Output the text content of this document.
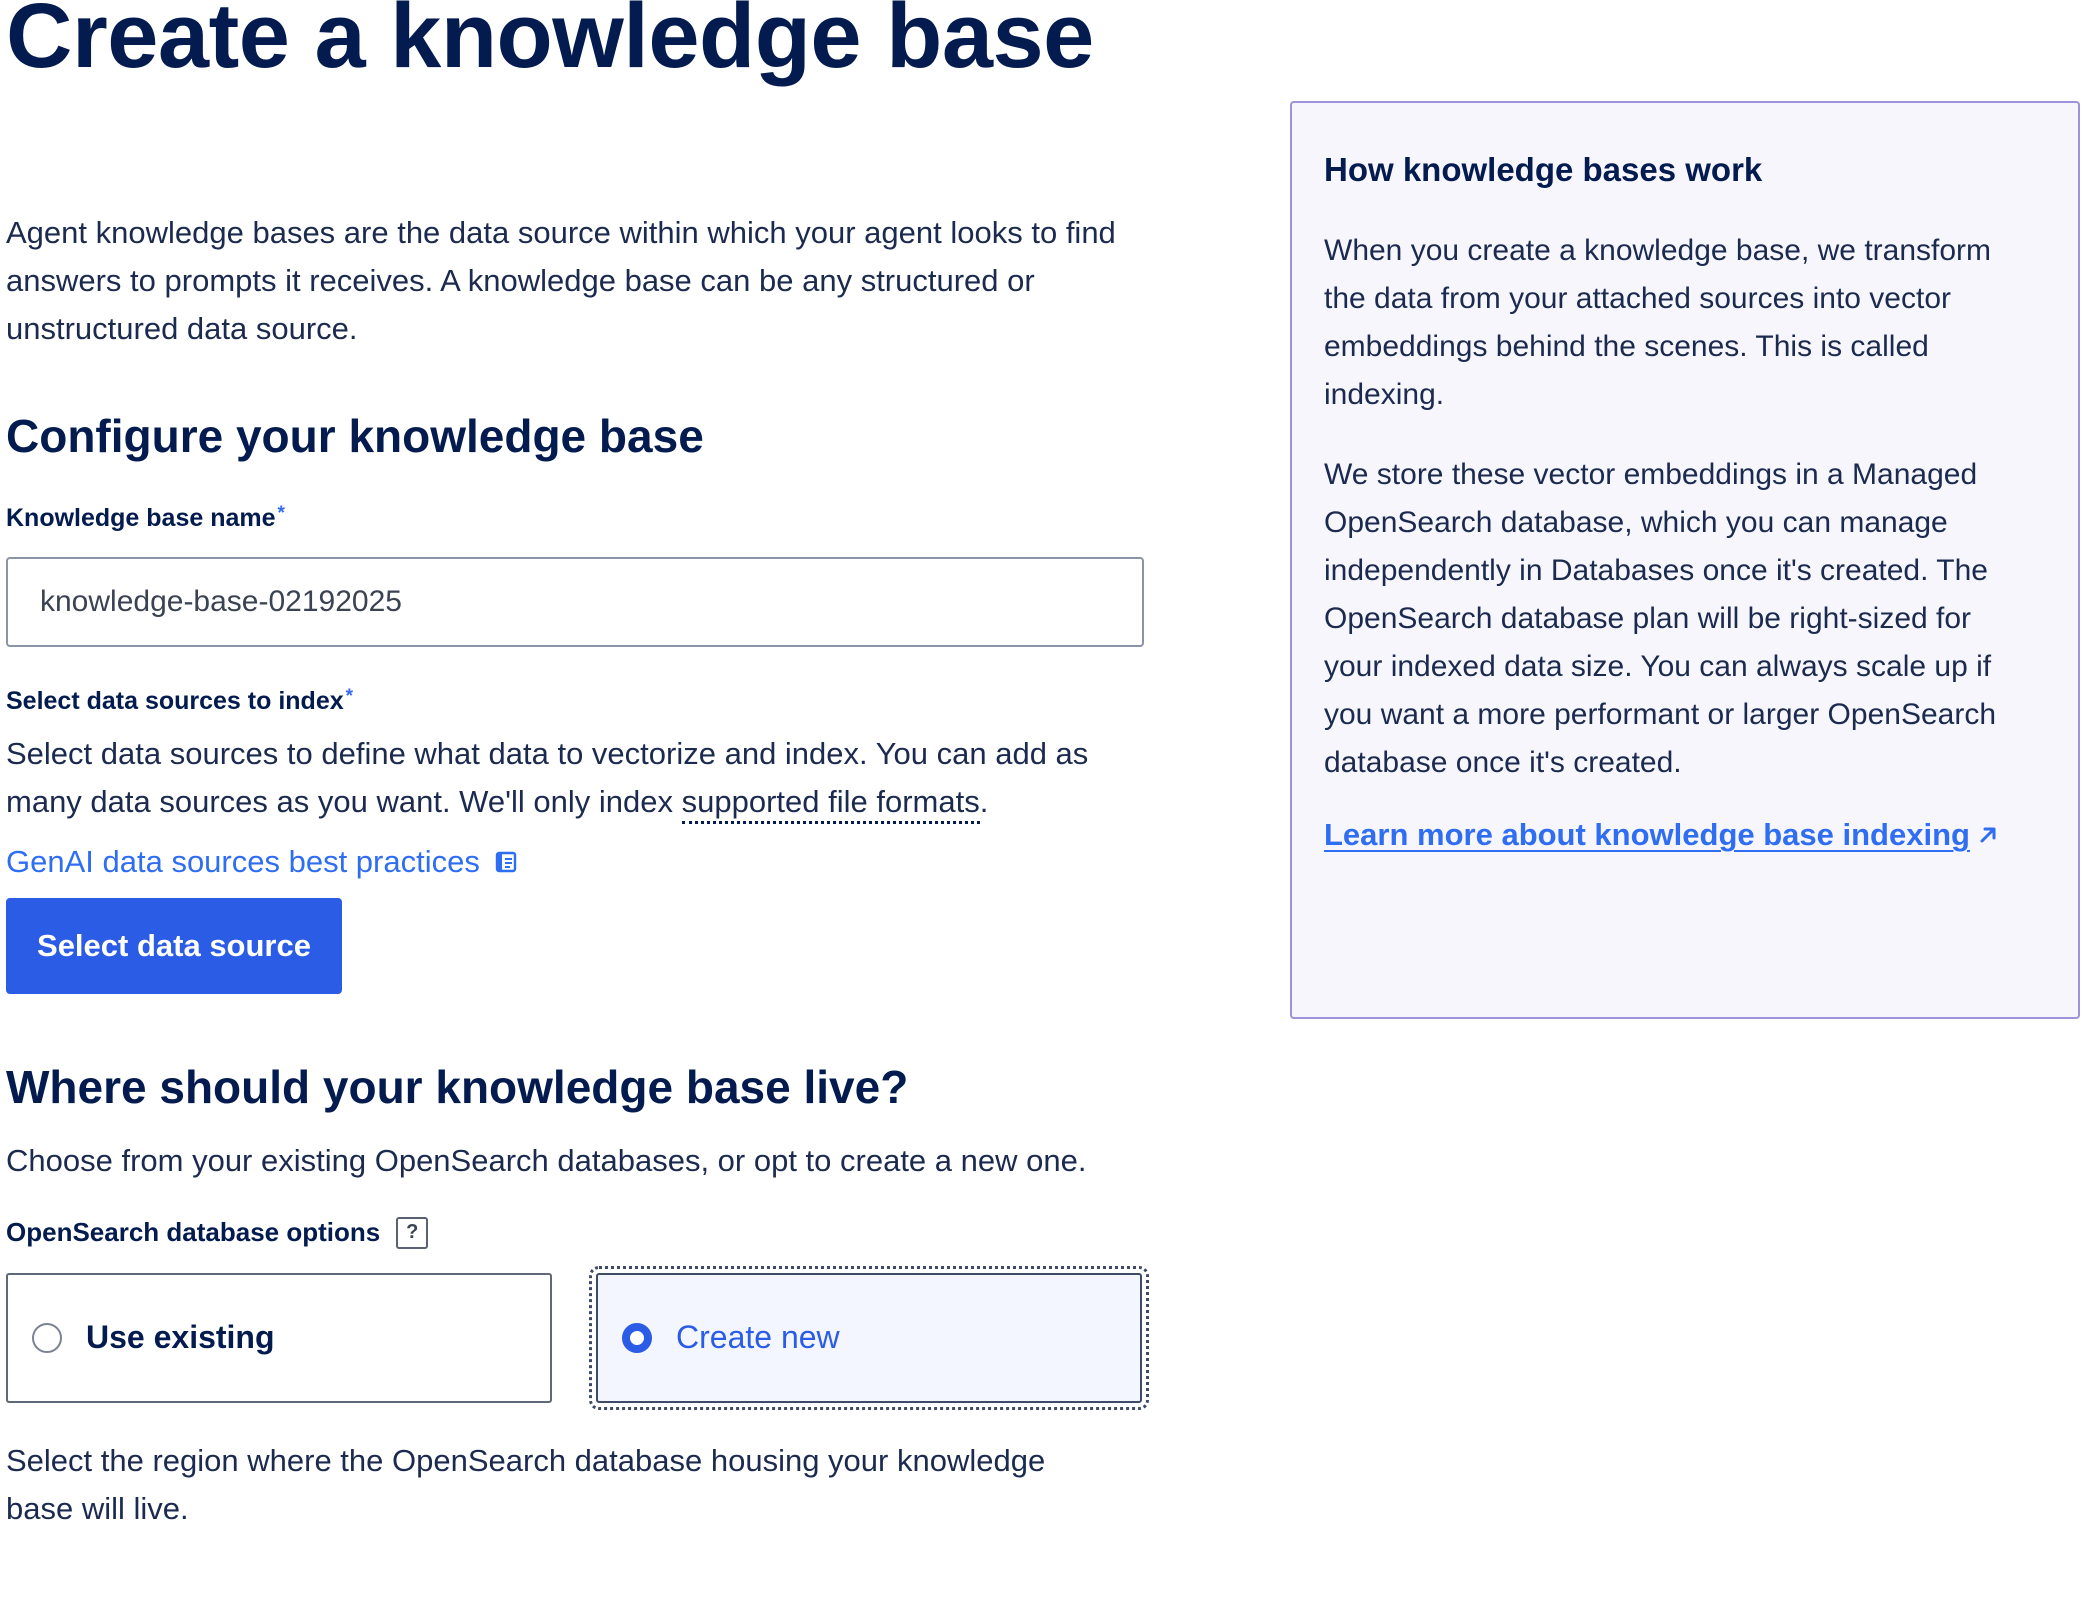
Create a knowledge base
Agent knowledge bases are the data source within which your agent looks to find answers to prompts it receives. A knowledge base can be any structured or unstructured data source.
Configure your knowledge base
Knowledge base name *
knowledge-base-02192025
Select data sources to index *
Select data sources to define what data to vectorize and index. You can add as many data sources as you want. We'll only index supported file formats.
GenAI data sources best practices
Select data source
Where should your knowledge base live?
Choose from your existing OpenSearch databases, or opt to create a new one.
OpenSearch database options	?
Use existing	Create new
Select the region where the OpenSearch database housing your knowledge base will live.
How knowledge bases work
When you create a knowledge base, we transform the data from your attached sources into vector embeddings behind the scenes. This is called indexing.
We store these vector embeddings in a Managed OpenSearch database, which you can manage independently in Databases once it's created. The OpenSearch database plan will be right-sized for your indexed data size. You can always scale up if you want a more performant or larger OpenSearch database once it's created.
Learn more about knowledge base indexing
